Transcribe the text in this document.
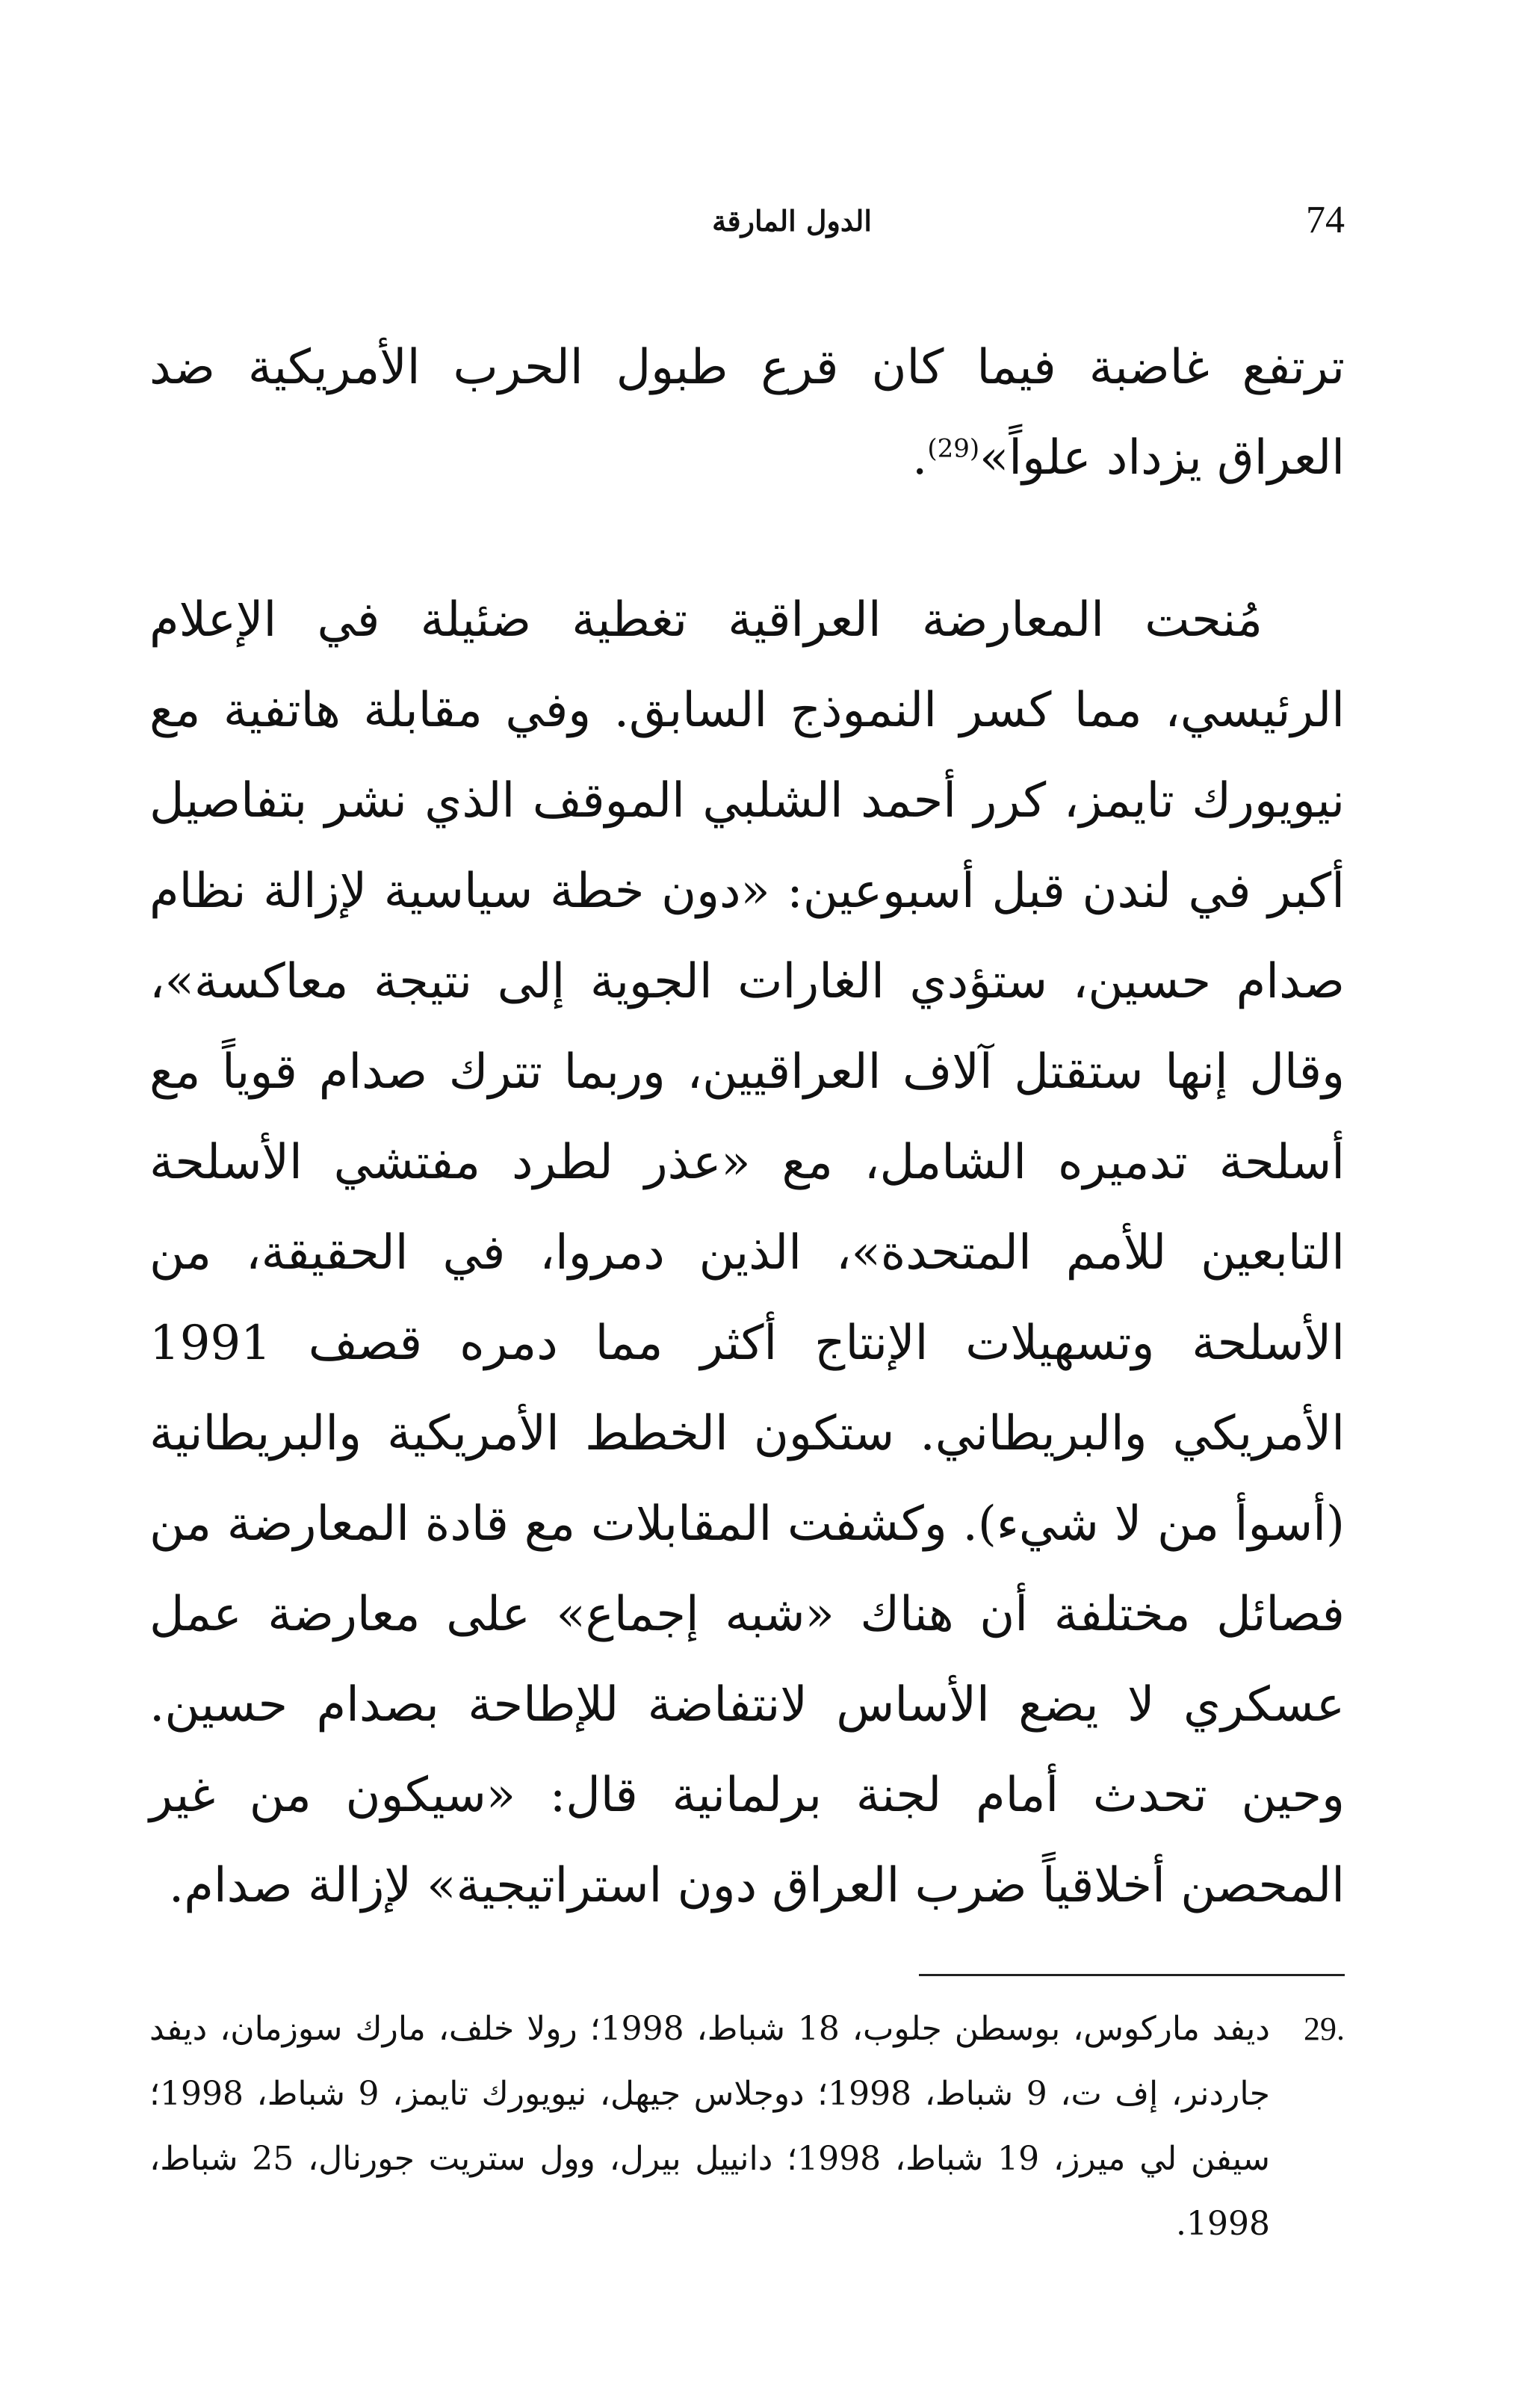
الدول المارقة	74

ترتفع غاضبة فيما كان قرع طبول الحرب الأمريكية ضد العراق يزداد علواً»$^{(29)}$.

مُنحت المعارضة العراقية تغطية ضئيلة في الإعلام الرئيسي، مما كسر النموذج السابق. وفي مقابلة هاتفية مع نيويورك تايمز، كرر أحمد الشلبي الموقف الذي نشر بتفاصيل أكبر في لندن قبل أسبوعين: «دون خطة سياسية لإزالة نظام صدام حسين، ستؤدي الغارات الجوية إلى نتيجة معاكسة»، وقال إنها ستقتل آلاف العراقيين، وربما تترك صدام قوياً مع أسلحة تدميره الشامل، مع «عذر لطرد مفتشي الأسلحة التابعين للأمم المتحدة»، الذين دمروا، في الحقيقة، من الأسلحة وتسهيلات الإنتاج أكثر مما دمره قصف 1991 الأمريكي والبريطاني. ستكون الخطط الأمريكية والبريطانية (أسوأ من لا شيء). وكشفت المقابلات مع قادة المعارضة من فصائل مختلفة أن هناك «شبه إجماع» على معارضة عمل عسكري لا يضع الأساس لانتفاضة للإطاحة بصدام حسين. وحين تحدث أمام لجنة برلمانية قال: «سيكون من غير المحصن أخلاقياً ضرب العراق دون استراتيجية» لإزالة صدام.

29.ديفد ماركوس، بوسطن جلوب، 18 شباط، 1998؛ رولا خلف، مارك سوزمان، ديفد جاردنر، إف ت، 9 شباط، 1998؛ دوجلاس جيهل، نيويورك تايمز، 9 شباط، 1998؛ سيفن لي ميرز، 19 شباط، 1998؛ دانييل بيرل، وول ستريت جورنال، 25 شباط، 1998.
